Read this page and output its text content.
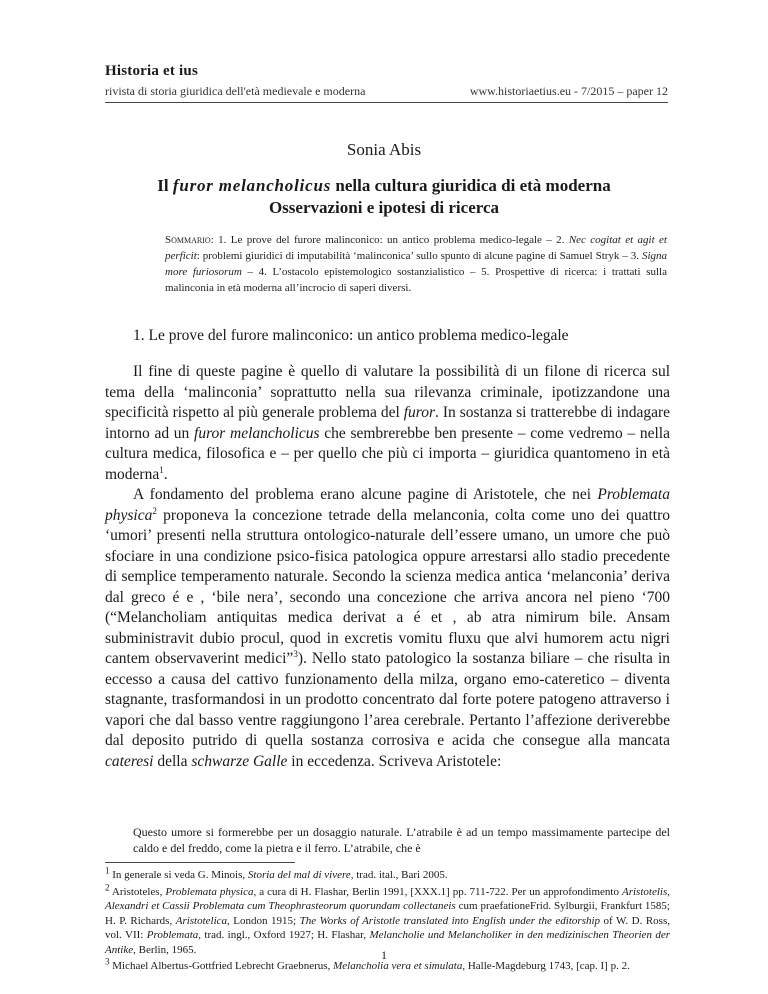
Historia et ius
rivista di storia giuridica dell'età medievale e moderna	www.historiaetius.eu - 7/2015 – paper 12
Sonia Abis
Il furor melancholicus nella cultura giuridica di età moderna
Osservazioni e ipotesi di ricerca
Sommario: 1. Le prove del furore malinconico: un antico problema medico-legale – 2. Nec cogitat et agit et perficit: problemi giuridici di imputabilità ‘malinconica’ sullo spunto di alcune pagine di Samuel Stryk – 3. Signa more furiosorum – 4. L’ostacolo epistemologico sostanzialistico – 5. Prospettive di ricerca: i trattati sulla malinconia in età moderna all’incrocio di saperi diversi.
1. Le prove del furore malinconico: un antico problema medico-legale

Il fine di queste pagine è quello di valutare la possibilità di un filone di ricerca sul tema della ‘malinconia’ soprattutto nella sua rilevanza criminale, ipotizzandone una specificità rispetto al più generale problema del furor. In sostanza si tratterebbe di indagare intorno ad un furor melancholicus che sembrerebbe ben presente – come vedremo – nella cultura medica, filosofica e – per quello che più ci importa – giuridica quantomeno in età moderna$^1$.

A fondamento del problema erano alcune pagine di Aristotele, che nei Problemata physica$^2$ proponeva la concezione tetrade della melanconia, colta come uno dei quattro ‘umori’ presenti nella struttura ontologico-naturale dell’essere umano, un umore che può sfociare in una condizione psico-fisica patologica oppure arrestarsi allo stadio precedente di semplice temperamento naturale. Secondo la scienza medica antica ‘melanconia’ deriva dal greco é e , ‘bile nera’, secondo una concezione che arriva ancora nel pieno ‘700 (“Melancholiam antiquitas medica derivat a é et , ab atra nimirum bile. Ansam subministravit dubio procul, quod in excretis vomitu fluxu que alvi humorem actu nigri cantem observaverint medici”$^3$). Nello stato patologico la sostanza biliare – che risulta in eccesso a causa del cattivo funzionamento della milza, organo emo-cateretico – diventa stagnante, trasformandosi in un prodotto concentrato dal forte potere patogeno attraverso i vapori che dal basso ventre raggiungono l’area cerebrale. Pertanto l’affezione deriverebbe dal deposito putrido di quella sostanza corrosiva e acida che consegue alla mancata cateresi della schwarze Galle in eccedenza. Scriveva Aristotele:

Questo umore si formerebbe per un dosaggio naturale. L’atrabile è ad un tempo massimamente partecipe del caldo e del freddo, come la pietra e il ferro. L’atrabile, che è

$^1$ In generale si veda G. Minois, Storia del mal di vivere, trad. ital., Bari 2005.

$^2$ Aristoteles, Problemata physica, a cura di H. Flashar, Berlin 1991, [XXX.1] pp. 711-722. Per un approfondimento Aristotelis, Alexandri et Cassii Problemata cum Theophrasteorum quorundam collectaneis cum praefationeFrid. Sylburgii, Frankfurt 1585; H. P. Richards, Aristotelica, London 1915; The Works of Aristotle translated into English under the editorship of W. D. Ross, vol. VII: Problemata, trad. ingl., Oxford 1927; H. Flashar, Melancholie und Melancholiker in den medizinischen Theorien der Antike, Berlin, 1965.

$^3$ Michael Albertus-Gottfried Lebrecht Graebnerus, Melancholia vera et simulata, Halle-Magdeburg 1743, [cap. I] p. 2.

1
